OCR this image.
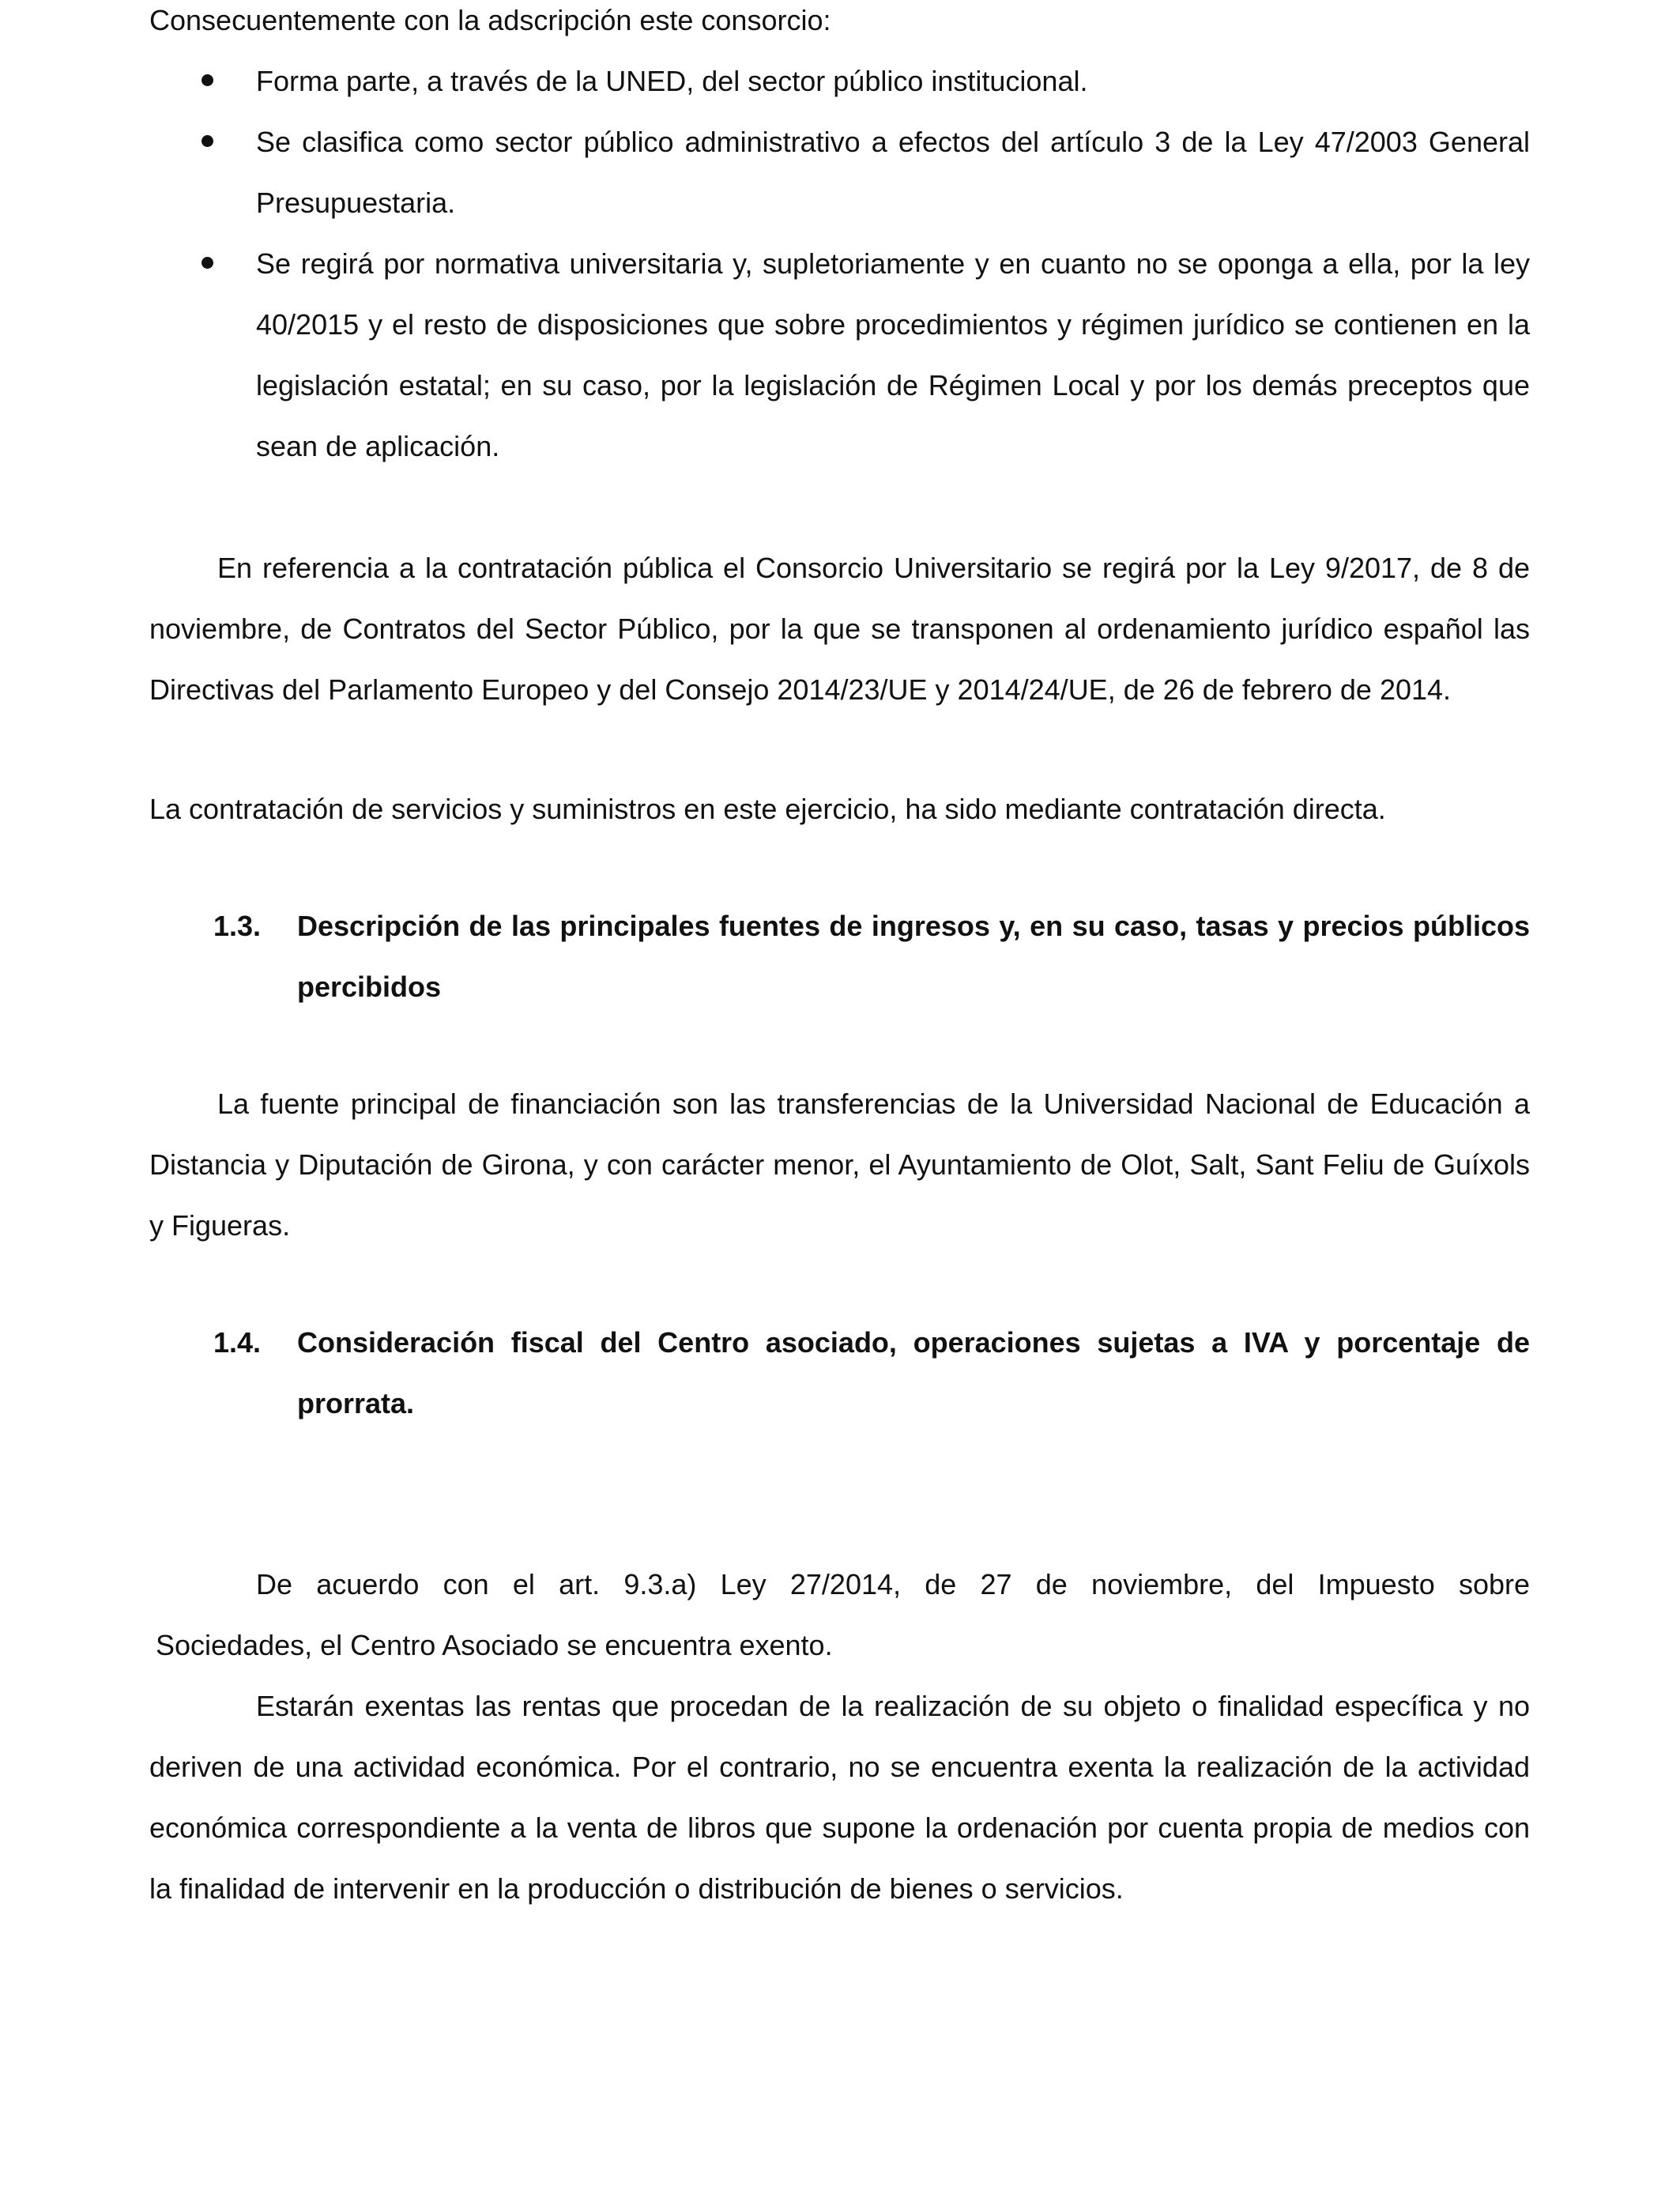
Consecuentemente con la adscripción este consorcio:

Forma parte, a través de la UNED, del sector público institucional.
Se clasifica como sector público administrativo a efectos del artículo 3 de la Ley 47/2003 General Presupuestaria.
Se regirá por normativa universitaria y, supletoriamente y en cuanto no se oponga a ella, por la ley 40/2015 y el resto de disposiciones que sobre procedimientos y régimen jurídico se contienen en la legislación estatal; en su caso, por la legislación de Régimen Local y por los demás preceptos que sean de aplicación.

En referencia a la contratación pública el Consorcio Universitario se regirá por la Ley 9/2017, de 8 de noviembre, de Contratos del Sector Público, por la que se transponen al ordenamiento jurídico español las Directivas del Parlamento Europeo y del Consejo 2014/23/UE y 2014/24/UE, de 26 de febrero de 2014.

La contratación de servicios y suministros en este ejercicio, ha sido mediante contratación directa.

1.3. Descripción de las principales fuentes de ingresos y, en su caso, tasas y precios públicos percibidos

La fuente principal de financiación son las transferencias de la Universidad Nacional de Educación a Distancia y Diputación de Girona, y con carácter menor, el Ayuntamiento de Olot, Salt, Sant Feliu de Guíxols y Figueras.

1.4. Consideración fiscal del Centro asociado, operaciones sujetas a IVA y porcentaje de prorrata.

De acuerdo con el art. 9.3.a) Ley 27/2014, de 27 de noviembre, del Impuesto sobre

Sociedades, el Centro Asociado se encuentra exento.

Estarán exentas las rentas que procedan de la realización de su objeto o finalidad específica y no deriven de una actividad económica. Por el contrario, no se encuentra exenta la realización de la actividad económica correspondiente a la venta de libros que supone la ordenación por cuenta propia de medios con la finalidad de intervenir en la producción o distribución de bienes o servicios.
